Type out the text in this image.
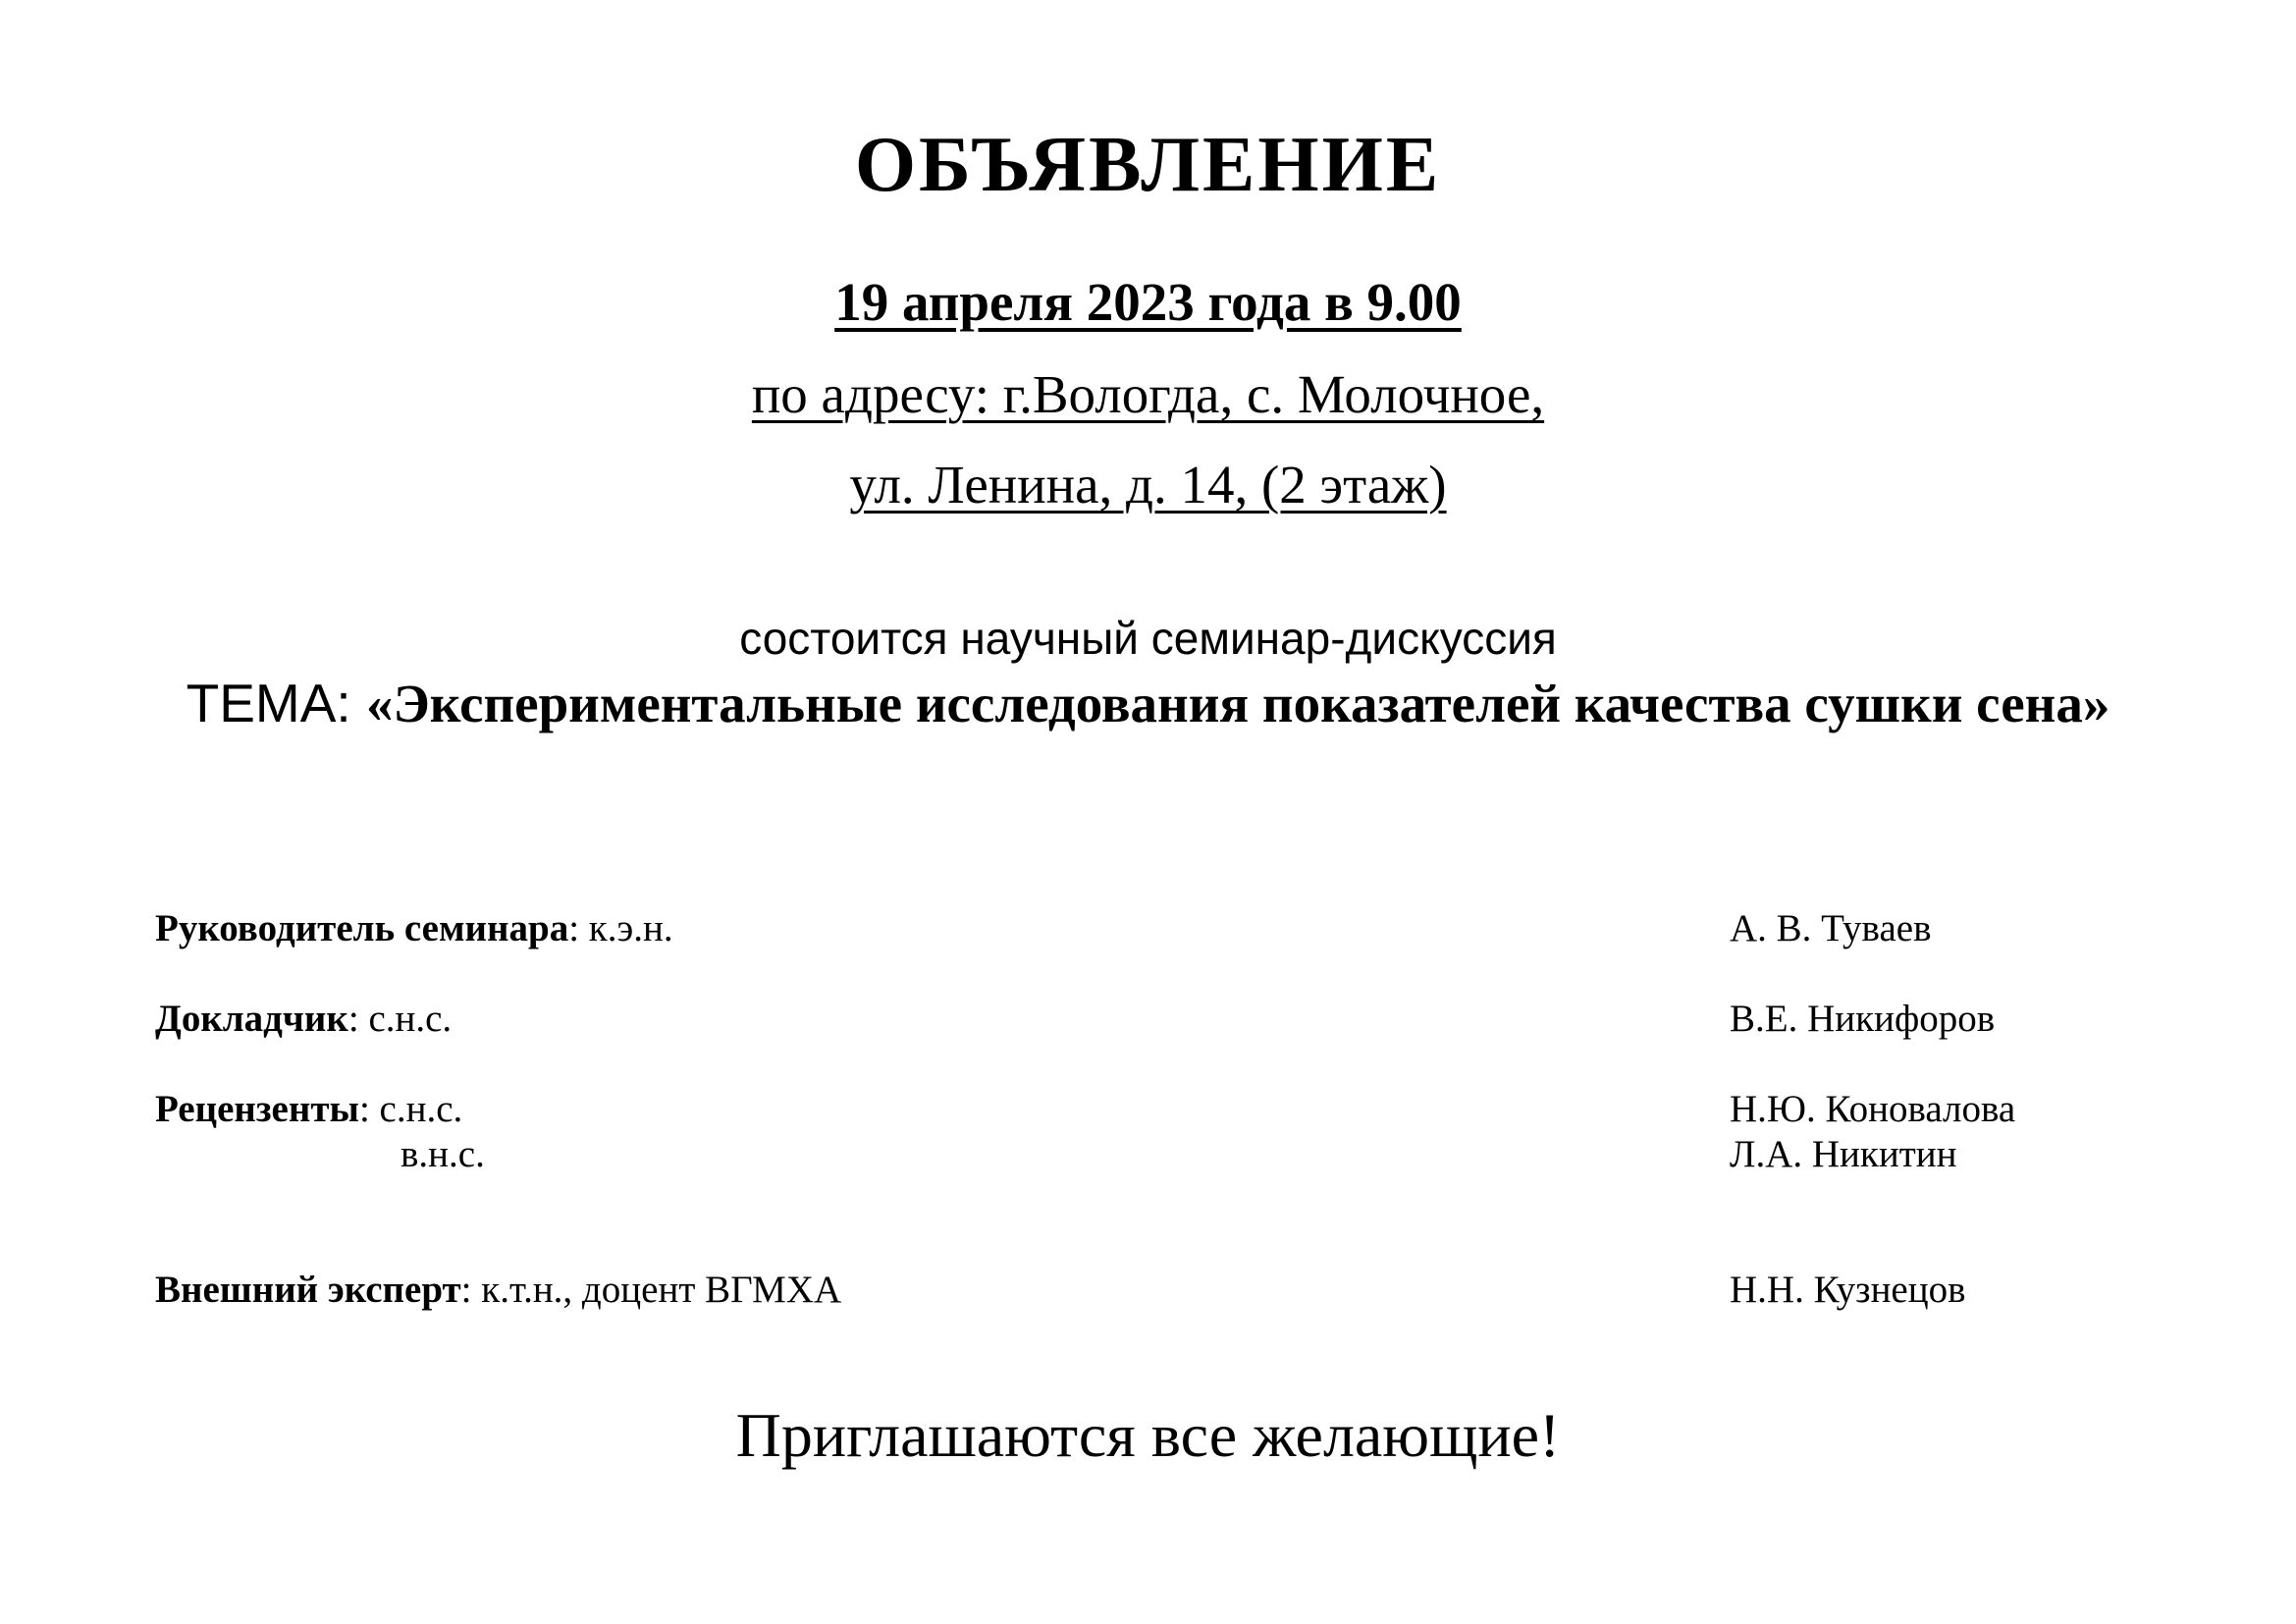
ОБЪЯВЛЕНИЕ
19 апреля 2023 года в 9.00
по адресу: г.Вологда, с. Молочное,
ул. Ленина, д. 14, (2 этаж)
состоится научный семинар-дискуссия
ТЕМА: «Экспериментальные исследования показателей качества сушки сена»
Руководитель семинара: к.э.н.	А. В. Туваев
Докладчик: с.н.с.	В.Е. Никифоров
Рецензенты: с.н.с.	Н.Ю. Коновалова
в.н.с.	Л.А. Никитин
Внешний эксперт: к.т.н., доцент ВГМХА	Н.Н. Кузнецов
Приглашаются все желающие!
